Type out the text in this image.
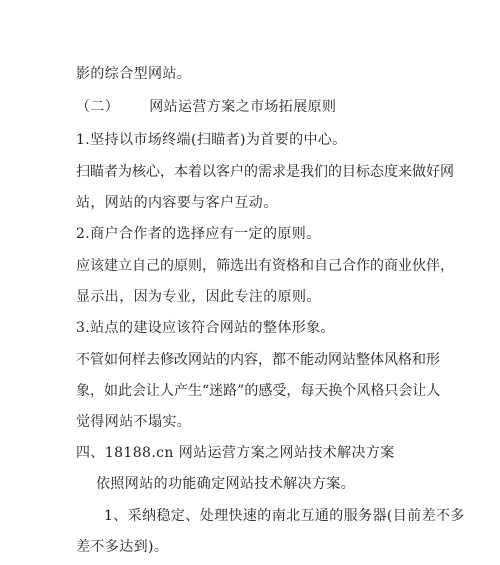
影的综合型网站。
（二） 网站运营方案之市场拓展原则
1.坚持以市场终端(扫瞄者)为首要的中心。
扫瞄者为核心，本着以客户的需求是我们的目标态度来做好网
站，网站的内容要与客户互动。
2.商户合作者的选择应有一定的原则。
应该建立自己的原则，筛选出有资格和自己合作的商业伙伴，
显示出，因为专业，因此专注的原则。
3.站点的建设应该符合网站的整体形象。
不管如何样去修改网站的内容，都不能动网站整体风格和形
象，如此会让人产生“迷路”的感受，每天换个风格只会让人
觉得网站不塌实。
四、18188.cn 网站运营方案之网站技术解决方案
依照网站的功能确定网站技术解决方案。
1、采纳稳定、处理快速的南北互通的服务器(目前差不多
差不多达到)。
